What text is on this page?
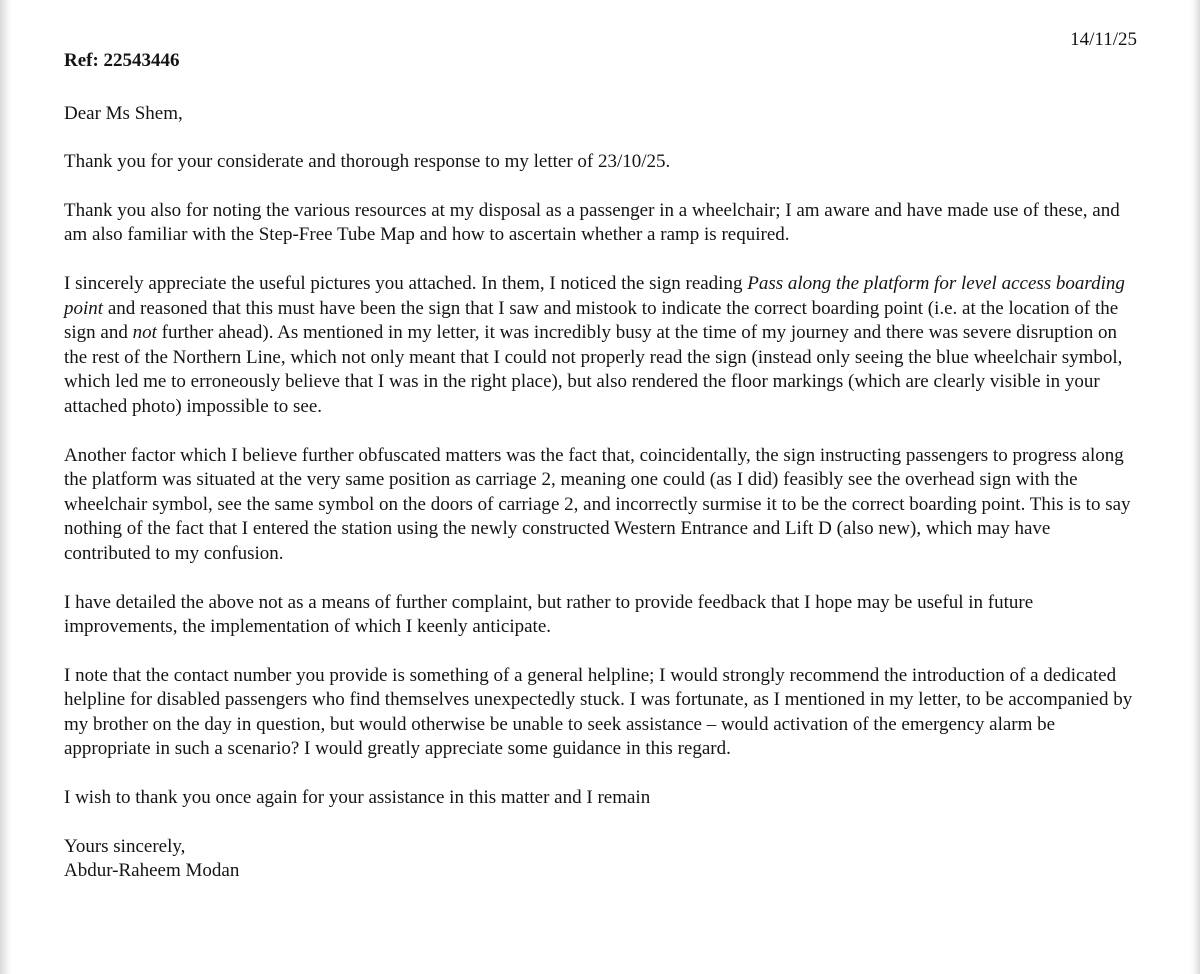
14/11/25

Ref: 22543446

Dear Ms Shem,

Thank you for your considerate and thorough response to my letter of 23/10/25.

Thank you also for noting the various resources at my disposal as a passenger in a wheelchair; I am aware and have made use of these, and am also familiar with the Step-Free Tube Map and how to ascertain whether a ramp is required.

I sincerely appreciate the useful pictures you attached. In them, I noticed the sign reading Pass along the platform for level access boarding point and reasoned that this must have been the sign that I saw and mistook to indicate the correct boarding point (i.e. at the location of the sign and not further ahead). As mentioned in my letter, it was incredibly busy at the time of my journey and there was severe disruption on the rest of the Northern Line, which not only meant that I could not properly read the sign (instead only seeing the blue wheelchair symbol, which led me to erroneously believe that I was in the right place), but also rendered the floor markings (which are clearly visible in your attached photo) impossible to see.

Another factor which I believe further obfuscated matters was the fact that, coincidentally, the sign instructing passengers to progress along the platform was situated at the very same position as carriage 2, meaning one could (as I did) feasibly see the overhead sign with the wheelchair symbol, see the same symbol on the doors of carriage 2, and incorrectly surmise it to be the correct boarding point. This is to say nothing of the fact that I entered the station using the newly constructed Western Entrance and Lift D (also new), which may have contributed to my confusion.

I have detailed the above not as a means of further complaint, but rather to provide feedback that I hope may be useful in future improvements, the implementation of which I keenly anticipate.

I note that the contact number you provide is something of a general helpline; I would strongly recommend the introduction of a dedicated helpline for disabled passengers who find themselves unexpectedly stuck. I was fortunate, as I mentioned in my letter, to be accompanied by my brother on the day in question, but would otherwise be unable to seek assistance – would activation of the emergency alarm be appropriate in such a scenario? I would greatly appreciate some guidance in this regard.

I wish to thank you once again for your assistance in this matter and I remain

Yours sincerely,

Abdur-Raheem Modan
